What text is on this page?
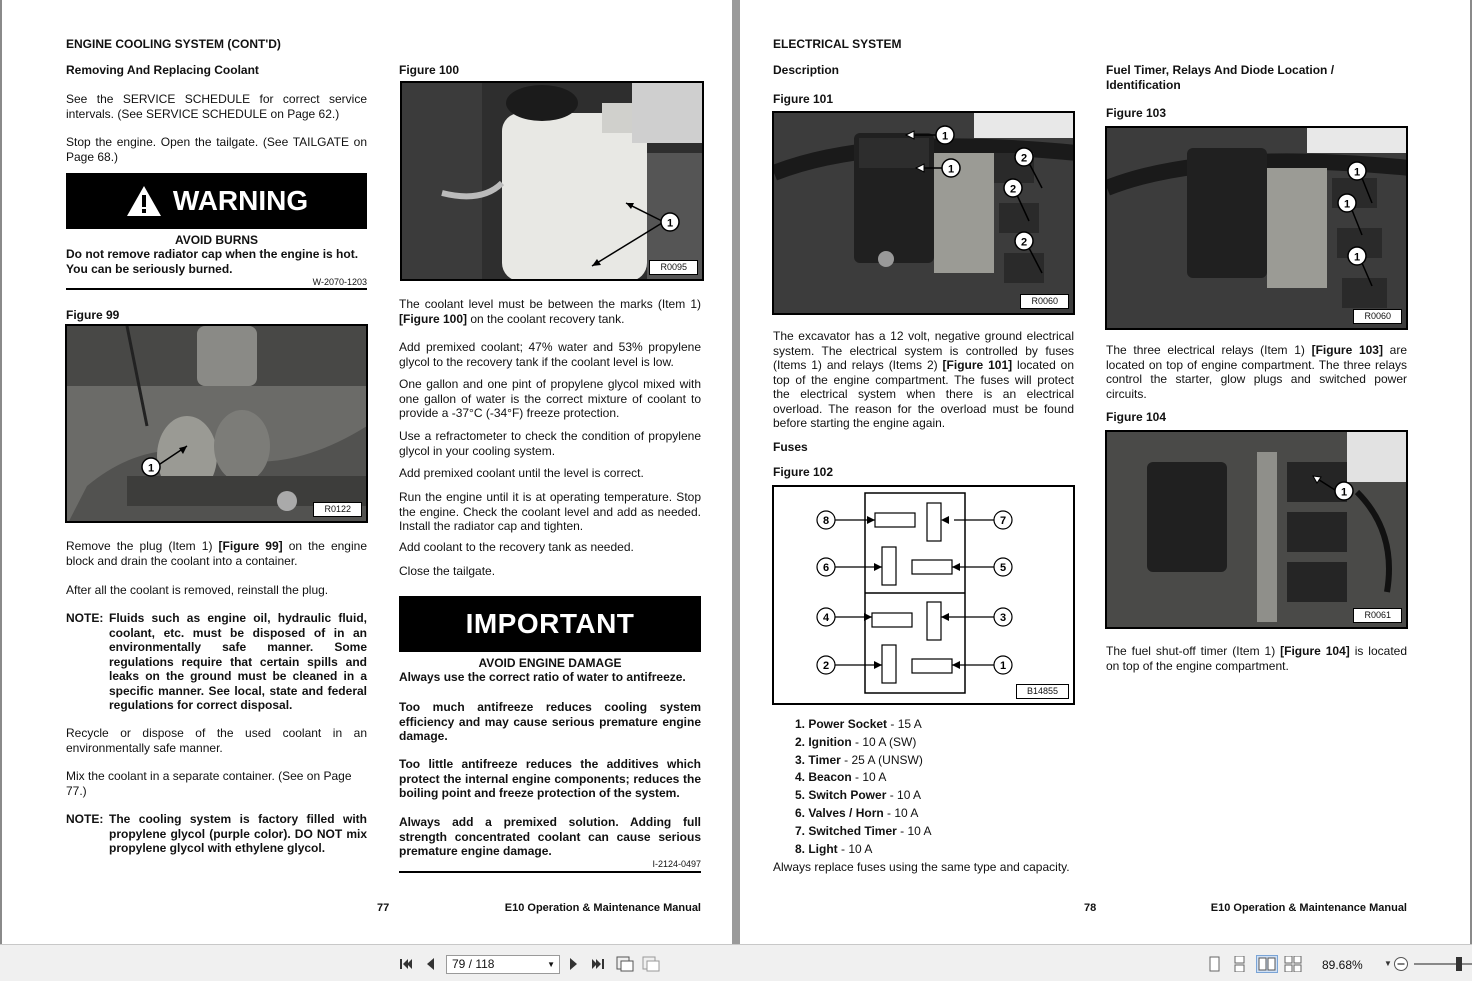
ENGINE COOLING SYSTEM (CONT'D)
Removing And Replacing Coolant
See the SERVICE SCHEDULE for correct service intervals. (See SERVICE SCHEDULE on Page 62.)
Stop the engine. Open the tailgate. (See TAILGATE on Page 68.)
WARNING
AVOID BURNS
Do not remove radiator cap when the engine is hot. You can be seriously burned.
W-2070-1203
Figure 99
1
R0122
Remove the plug (Item 1) [Figure 99] on the engine block and drain the coolant into a container.
After all the coolant is removed, reinstall the plug.
NOTE: Fluids such as engine oil, hydraulic fluid, coolant, etc. must be disposed of in an environmentally safe manner. Some regulations require that certain spills and leaks on the ground must be cleaned in a specific manner. See local, state and federal regulations for correct disposal.
Recycle or dispose of the used coolant in an environmentally safe manner.
Mix the coolant in a separate container. (See on Page 77.)
NOTE: The cooling system is factory filled with propylene glycol (purple color). DO NOT mix propylene glycol with ethylene glycol.
Figure 100
1
R0095
The coolant level must be between the marks (Item 1) [Figure 100] on the coolant recovery tank.
Add premixed coolant; 47% water and 53% propylene glycol to the recovery tank if the coolant level is low.
One gallon and one pint of propylene glycol mixed with one gallon of water is the correct mixture of coolant to provide a -37°C (-34°F) freeze protection.
Use a refractometer to check the condition of propylene glycol in your cooling system.
Add premixed coolant until the level is correct.
Run the engine until it is at operating temperature. Stop the engine. Check the coolant level and add as needed. Install the radiator cap and tighten.
Add coolant to the recovery tank as needed.
Close the tailgate.
IMPORTANT
AVOID ENGINE DAMAGE
Always use the correct ratio of water to antifreeze.
Too much antifreeze reduces cooling system efficiency and may cause serious premature engine damage.
Too little antifreeze reduces the additives which protect the internal engine components; reduces the boiling point and freeze protection of the system.
Always add a premixed solution. Adding full strength concentrated coolant can cause serious premature engine damage.
I-2124-0497
77	E10 Operation & Maintenance Manual
ELECTRICAL SYSTEM
Description
Figure 101
1
1
2
2
2
R0060
The excavator has a 12 volt, negative ground electrical system. The electrical system is controlled by fuses (Items 1) and relays (Items 2) [Figure 101] located on top of the engine compartment. The fuses will protect the electrical system when there is an electrical overload. The reason for the overload must be found before starting the engine again.
Fuses
Figure 102
8	7
6	5
4	3
2	1
B14855
Always replace fuses using the same type and capacity.
Fuel Timer, Relays And Diode Location / Identification
Figure 103
1
1
1
R0060
The three electrical relays (Item 1) [Figure 103] are located on top of engine compartment. The three relays control the starter, glow plugs and switched power circuits.
Figure 104
1
R0061
The fuel shut-off timer (Item 1) [Figure 104] is located on top of the engine compartment.
78	E10 Operation & Maintenance Manual
1. Power Socket - 15 A
2. Ignition - 10 A (SW)
3. Timer - 25 A (UNSW)
4. Beacon - 10 A
5. Switch Power - 10 A
6. Valves / Horn - 10 A
7. Switched Timer - 10 A
8. Light - 10 A
79 / 118	▼	89.68%	▼
